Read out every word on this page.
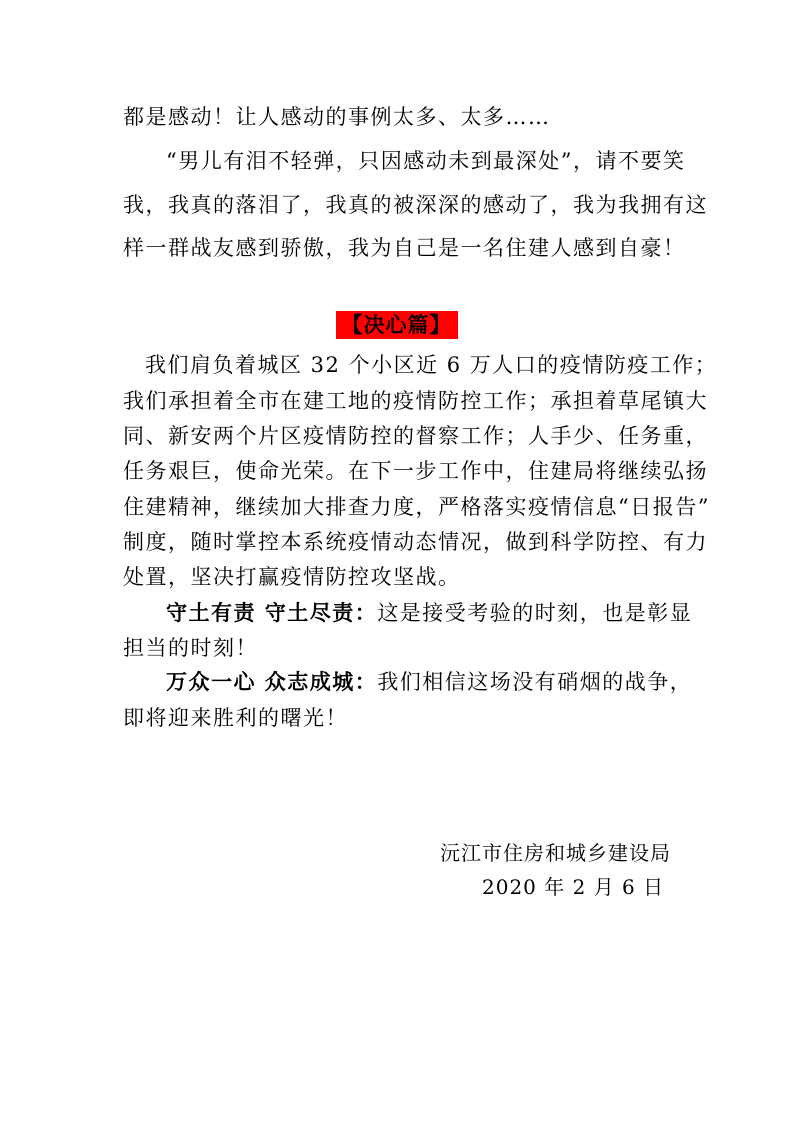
都是感动！让人感动的事例太多、太多……
“男儿有泪不轻弹，只因感动未到最深处”，请不要笑
我，我真的落泪了，我真的被深深的感动了，我为我拥有这
样一群战友感到骄傲，我为自己是一名住建人感到自豪！
【决心篇】
我们肩负着城区 32 个小区近 6 万人口的疫情防疫工作；
我们承担着全市在建工地的疫情防控工作；承担着草尾镇大
同、新安两个片区疫情防控的督察工作；人手少、任务重，
任务艰巨，使命光荣。在下一步工作中，住建局将继续弘扬
住建精神，继续加大排查力度，严格落实疫情信息“日报告”
制度，随时掌控本系统疫情动态情况，做到科学防控、有力
处置，坚决打赢疫情防控攻坚战。
守土有责 守土尽责：这是接受考验的时刻，也是彰显
担当的时刻！
万众一心 众志成城：我们相信这场没有硝烟的战争，
即将迎来胜利的曙光！
沅江市住房和城乡建设局
2020 年 2 月 6 日
